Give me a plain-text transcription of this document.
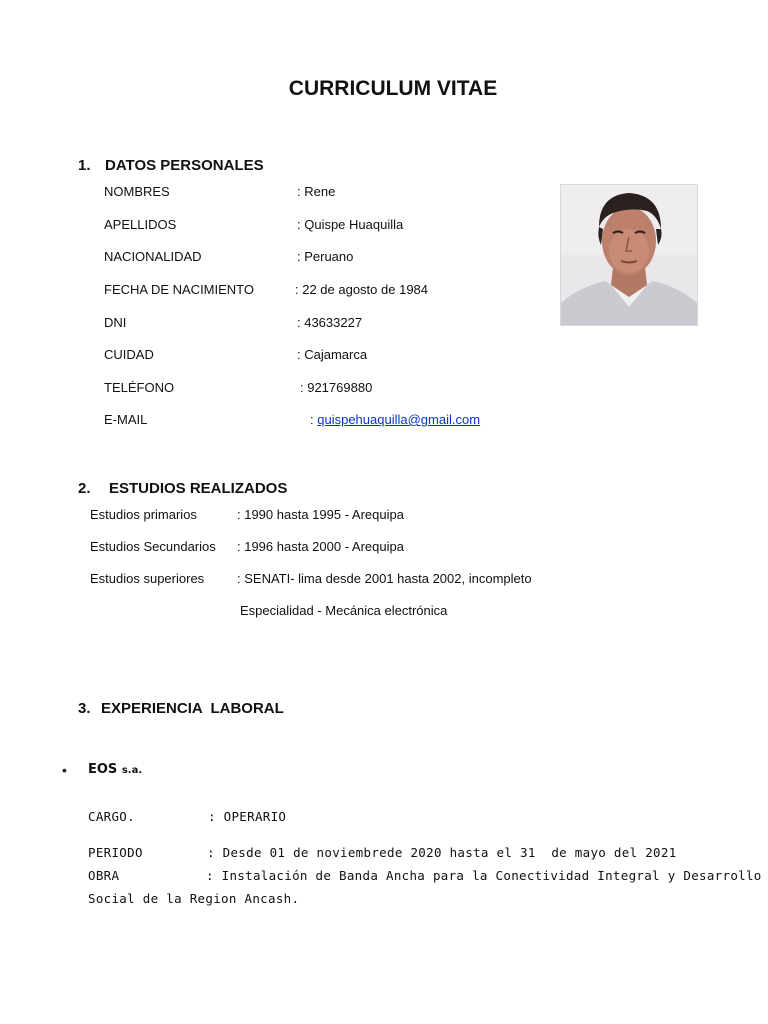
CURRICULUM VITAE
1. DATOS PERSONALES
NOMBRES	: Rene
APELLIDOS	: Quispe Huaquilla
NACIONALIDAD	: Peruano
FECHA DE NACIMIENTO	: 22 de agosto de 1984
DNI	: 43633227
CUIDAD	: Cajamarca
TELÉFONO	: 921769880
E-MAIL	: quispehuaquilla@gmail.com
2. ESTUDIOS REALIZADOS
Estudios primarios	: 1990 hasta 1995 - Arequipa
Estudios Secundarios : 1996 hasta 2000 - Arequipa
Estudios superiores	: SENATI- lima desde 2001 hasta 2002, incompleto
Especialidad - Mecánica electrónica
3. EXPERIENCIA  LABORAL
• EOS s.a.
CARGO.	: OPERARIO
PERIODO	: Desde 01 de noviembrede 2020 hasta el 31  de mayo del 2021
OBRA	: Instalación de Banda Ancha para la Conectividad Integral y Desarrollo
Social de la Region Ancash.
